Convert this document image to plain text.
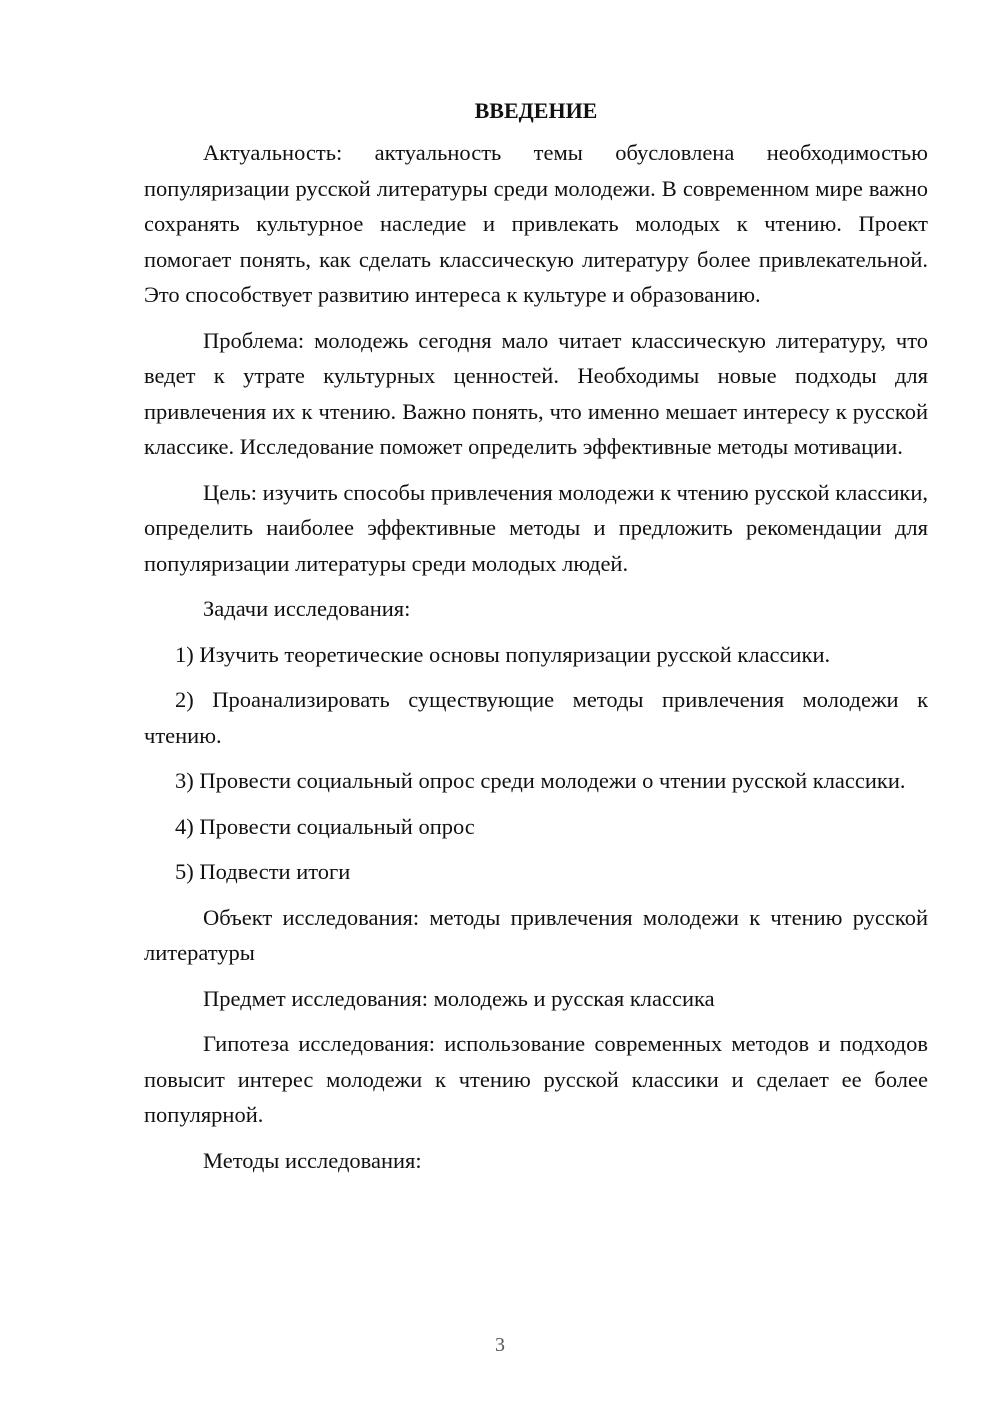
ВВЕДЕНИЕ

Актуальность: актуальность темы обусловлена необходимостью популяризации русской литературы среди молодежи. В современном мире важно сохранять культурное наследие и привлекать молодых к чтению. Проект помогает понять, как сделать классическую литературу более привлекательной. Это способствует развитию интереса к культуре и образованию.

Проблема: молодежь сегодня мало читает классическую литературу, что ведет к утрате культурных ценностей. Необходимы новые подходы для привлечения их к чтению. Важно понять, что именно мешает интересу к русской классике. Исследование поможет определить эффективные методы мотивации.

Цель: изучить способы привлечения молодежи к чтению русской классики, определить наиболее эффективные методы и предложить рекомендации для популяризации литературы среди молодых людей.

Задачи исследования:

1) Изучить теоретические основы популяризации русской классики.

2) Проанализировать существующие методы привлечения молодежи к чтению.

3) Провести социальный опрос среди молодежи о чтении русской классики.

4) Провести социальный опрос

5) Подвести итоги

Объект исследования: методы привлечения молодежи к чтению русской литературы

Предмет исследования: молодежь и русская классика

Гипотеза исследования: использование современных методов и подходов повысит интерес молодежи к чтению русской классики и сделает ее более популярной.

Методы исследования:

3
